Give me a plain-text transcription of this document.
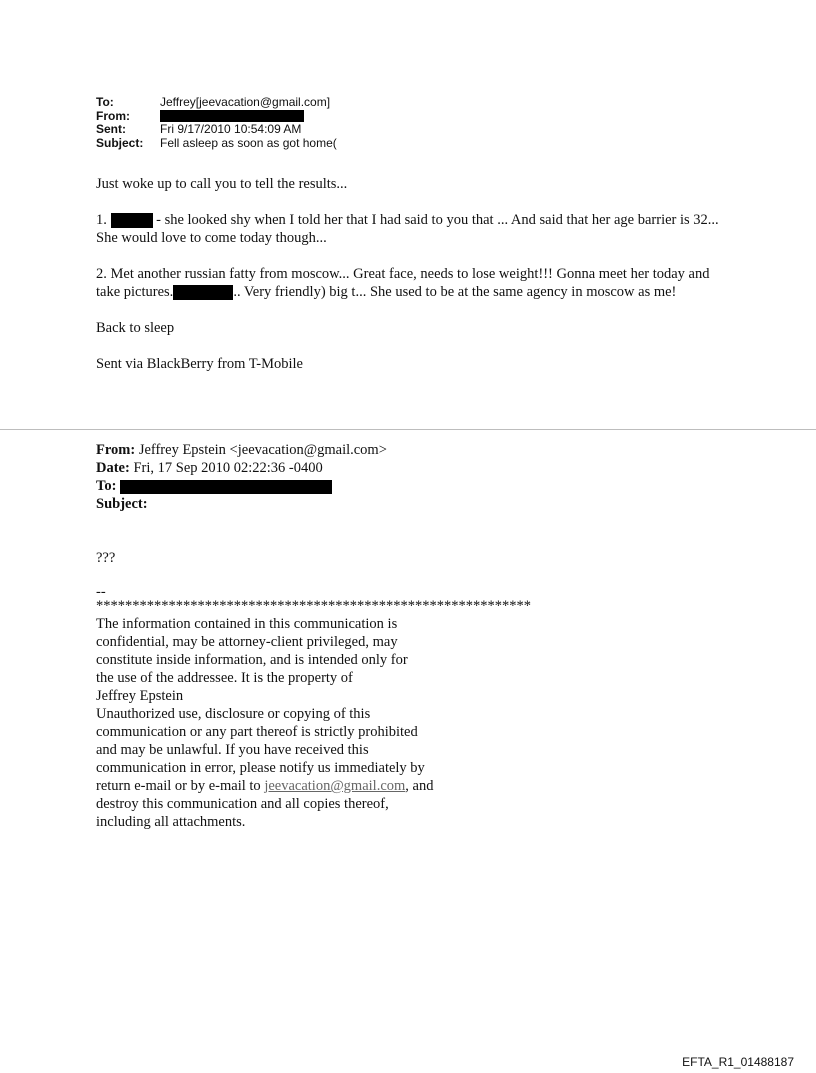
To:	Jeffrey[jeevacation@gmail.com]
From:
Sent:	Fri 9/17/2010 10:54:09 AM
Subject:	Fell asleep as soon as got home(

Just woke up to call you to tell the results...

1.	- she looked shy when I told her that I had said to you that ... And said that her age barrier is 32...

She would love to come today though...

2. Met another russian fatty from moscow... Great face, needs to lose weight!!! Gonna meet her today and take pictures.	.. Very friendly) big t... She used to be at the same agency in moscow as me!

Back to sleep

Sent via BlackBerry from T-Mobile

From: Jeffrey Epstein <jeevacation@gmail.com>

Date: Fri, 17 Sep 2010 02:22:36 -0400

To:

Subject:

???

--

************************************************************

The information contained in this communication is

confidential, may be attorney-client privileged, may

constitute inside information, and is intended only for

the use of the addressee. It is the property of

Jeffrey Epstein

Unauthorized use, disclosure or copying of this

communication or any part thereof is strictly prohibited

and may be unlawful. If you have received this

communication in error, please notify us immediately by

return e-mail or by e-mail to jeevacation@gmail.com, and

destroy this communication and all copies thereof,

including all attachments.

EFTA_R1_01488187
